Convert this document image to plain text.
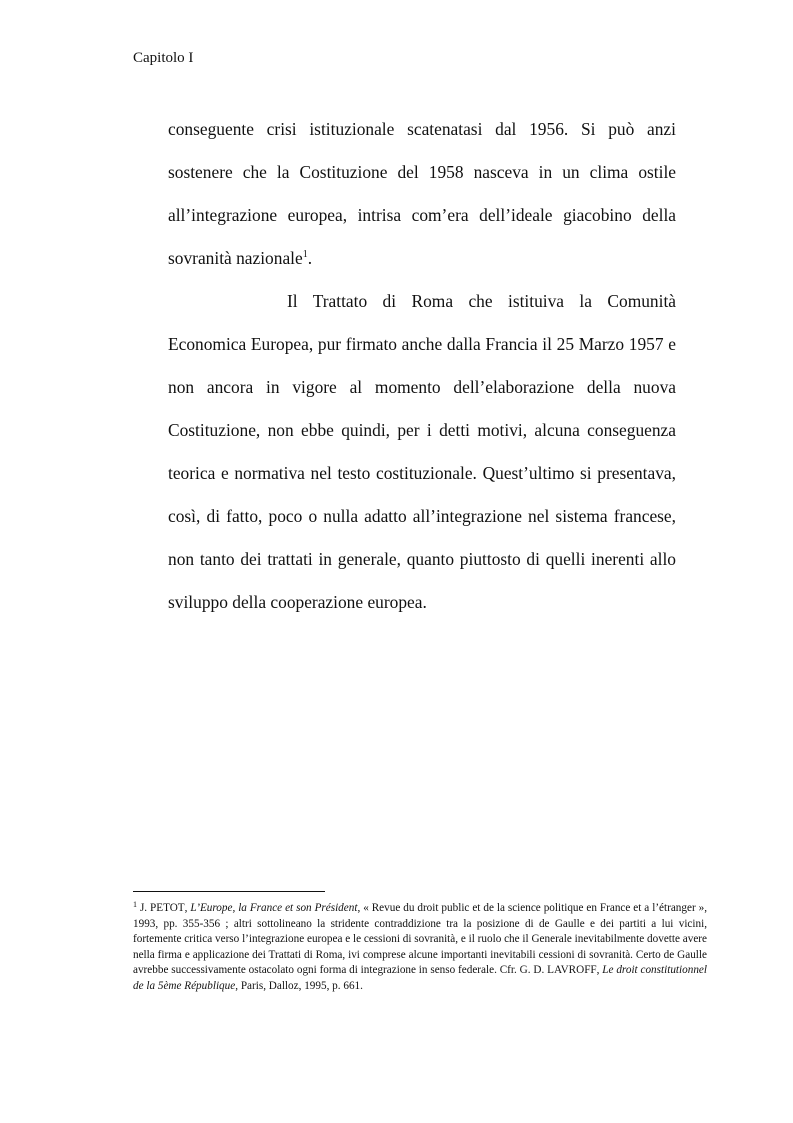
Capitolo I

conseguente crisi istituzionale scatenatasi dal 1956. Si può anzi sostenere che la Costituzione del 1958 nasceva in un clima ostile all’integrazione europea, intrisa com’era dell’ideale giacobino della sovranità nazionale$^1$.

Il Trattato di Roma che istituiva la Comunità Economica Europea, pur firmato anche dalla Francia il 25 Marzo 1957 e non ancora in vigore al momento dell’elaborazione della nuova Costituzione, non ebbe quindi, per i detti motivi, alcuna conseguenza teorica e normativa nel testo costituzionale. Quest’ultimo si presentava, così, di fatto, poco o nulla adatto all’integrazione nel sistema francese, non tanto dei trattati in generale, quanto piuttosto di quelli inerenti allo sviluppo della cooperazione europea.

$^1$ J. PETOT, L’Europe, la France et son Président, « Revue du droit public et de la science politique en France et a l’étranger », 1993, pp. 355-356 ; altri sottolineano la stridente contraddizione tra la posizione di de Gaulle e dei partiti a lui vicini, fortemente critica verso l’integrazione europea e le cessioni di sovranità, e il ruolo che il Generale inevitabilmente dovette avere nella firma e applicazione dei Trattati di Roma, ivi comprese alcune importanti inevitabili cessioni di sovranità. Certo de Gaulle avrebbe successivamente ostacolato ogni forma di integrazione in senso federale. Cfr. G. D. LAVROFF, Le droit constitutionnel de la 5ème République, Paris, Dalloz, 1995, p. 661.
